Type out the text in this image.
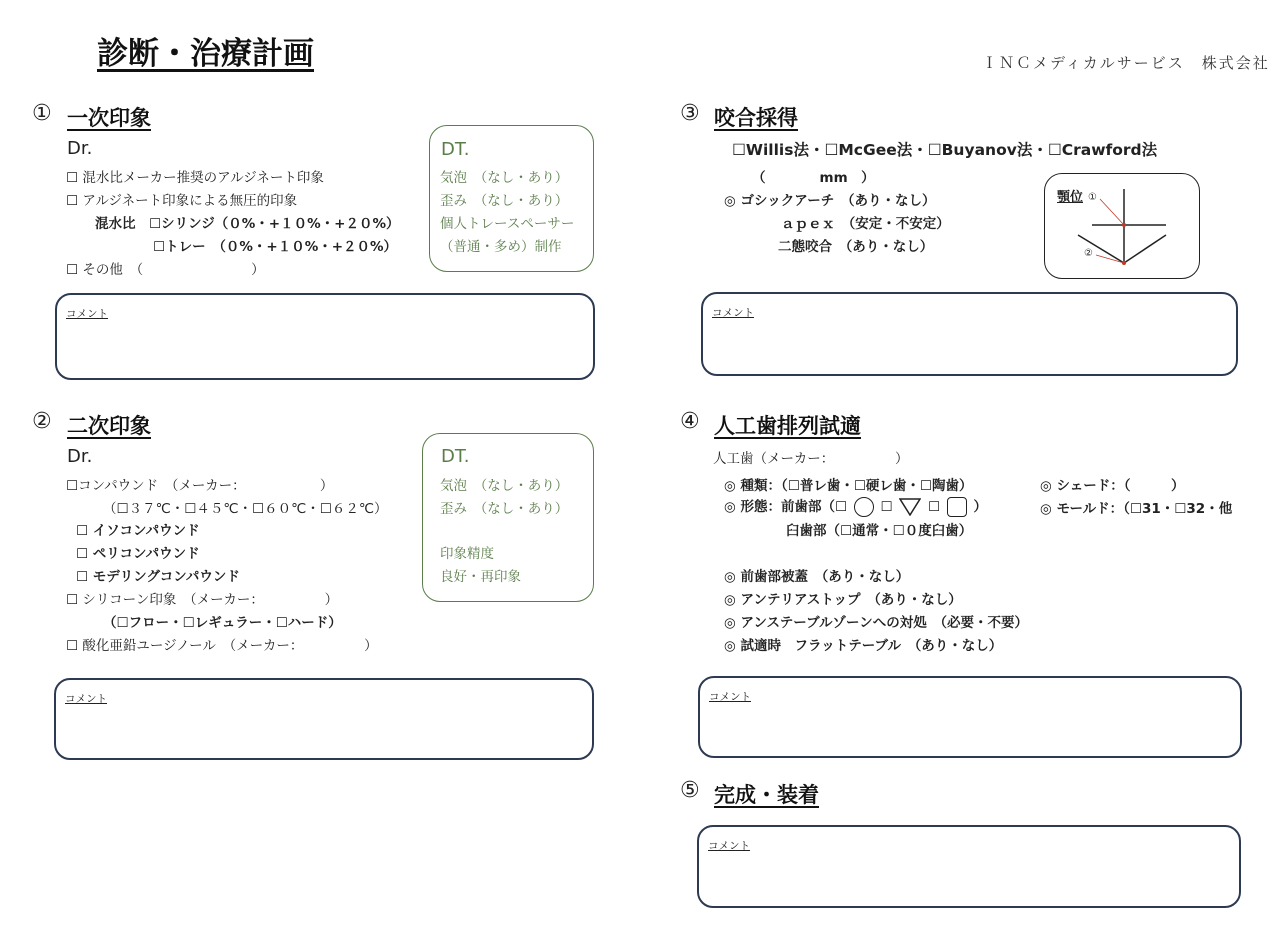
診断・治療計画	ＩＮＣメディカルサービス　株式会社
① 一次印象
Dr.
☐ 混水比メーカー推奨のアルジネート印象
☐ アルジネート印象による無圧的印象
混水比　☐シリンジ（０%・+１０%・+２０%）
☐トレー　（０%・+１０%・+２０%）
☐ その他　（　　　　　　　　）
DT.
気泡　（なし・あり）
歪み　（なし・あり）
個人トレースペーサー
（普通・多め）制作
コメント
② 二次印象
Dr.
☐コンパウンド　（メーカー：　　　　　　）
（☐３７℃・☐４５℃・☐６０℃・☐６２℃）
☐ イソコンパウンド
☐ ペリコンパウンド
☐ モデリングコンパウンド
☐ シリコーン印象　（メーカー：　　　　　）
（☐フロー・☐レギュラー・☐ハード）
☐ 酸化亜鉛ユージノール　（メーカー：　　　　　）
DT.
気泡　（なし・あり）
歪み　（なし・あり）
印象精度
良好・再印象
コメント
③ 咬合採得
☐Willis法・☐McGee法・☐Buyanov法・☐Crawford法
（　　　　mm　）
◎ ゴシックアーチ　（あり・なし）
ａｐｅｘ　（安定・不安定）
二態咬合　（あり・なし）
顎位 ①
②
コメント
④ 人工歯排列試適
人工歯（メーカー：　　　　　）
◎ 種類：（☐普レ歯・☐硬レ歯・☐陶歯）
◎ 形態：前歯部（☐ ☐	☐ ）
臼歯部（☐通常・☐０度臼歯）
◎ シェード：（　　　）
◎ モールド：（☐31・☐32・他
◎ 前歯部被蓋　（あり・なし）
◎ アンテリアストップ　（あり・なし）
◎ アンステーブルゾーンへの対処　（必要・不要）
◎ 試適時　フラットテーブル　（あり・なし）
コメント
⑤ 完成・装着
コメント
